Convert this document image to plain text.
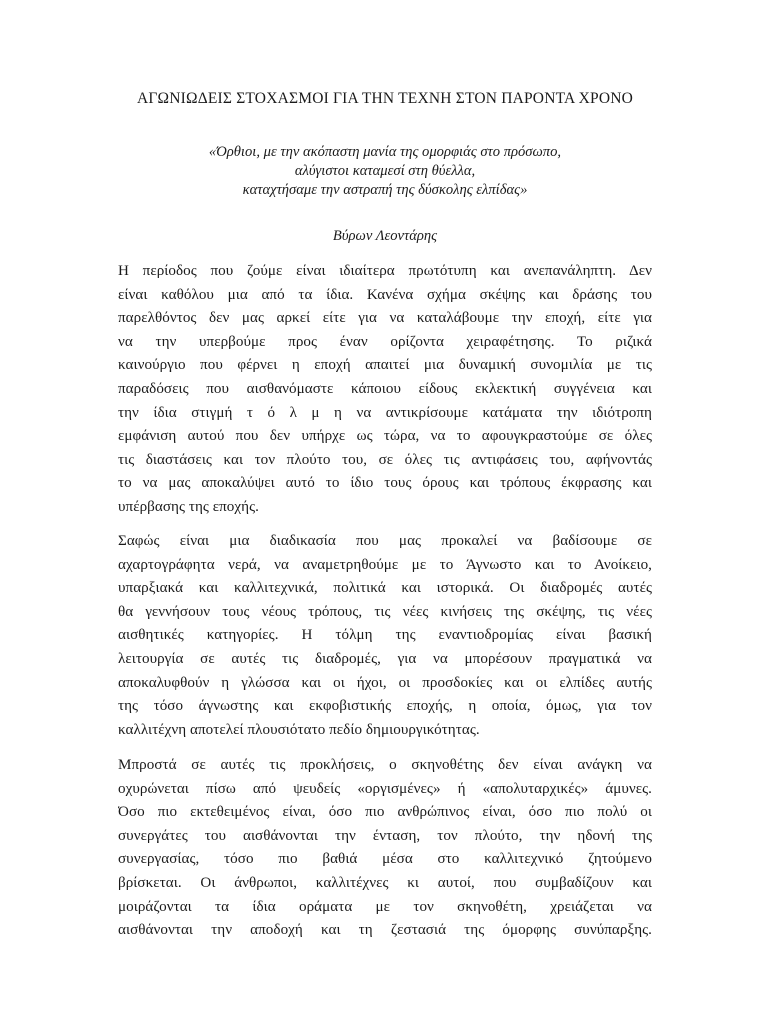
ΑΓΩΝΙΩΔΕΙΣ ΣΤΟΧΑΣΜΟΙ ΓΙΑ ΤΗΝ ΤΕΧΝΗ ΣΤΟΝ ΠΑΡΟΝΤΑ ΧΡΟΝΟ
«Όρθιοι, με την ακόπαστη μανία της ομορφιάς στο πρόσωπο,
αλύγιστοι καταμεσί στη θύελλα,
καταχτήσαμε την αστραπή της δύσκολης ελπίδας»
Βύρων Λεοντάρης
Η περίοδος που ζούμε είναι ιδιαίτερα πρωτότυπη και ανεπανάληπτη. Δεν
είναι καθόλου μια από τα ίδια. Κανένα σχήμα σκέψης και δράσης του
παρελθόντος δεν μας αρκεί είτε για να καταλάβουμε την εποχή, είτε για
να την υπερβούμε προς έναν ορίζοντα χειραφέτησης. Το ριζικά
καινούργιο που φέρνει η εποχή απαιτεί μια δυναμική συνομιλία με τις
παραδόσεις που αισθανόμαστε κάποιου είδους εκλεκτική συγγένεια και
την ίδια στιγμή τ ό λ μ η να αντικρίσουμε κατάματα την ιδιότροπη
εμφάνιση αυτού που δεν υπήρχε ως τώρα, να το αφουγκραστούμε σε όλες
τις διαστάσεις και τον πλούτο του, σε όλες τις αντιφάσεις του, αφήνοντάς
το να μας αποκαλύψει αυτό το ίδιο τους όρους και τρόπους έκφρασης και
υπέρβασης της εποχής.
Σαφώς είναι μια διαδικασία που μας προκαλεί να βαδίσουμε σε
αχαρτογράφητα νερά, να αναμετρηθούμε με το Άγνωστο και το Ανοίκειο,
υπαρξιακά και καλλιτεχνικά, πολιτικά και ιστορικά. Οι διαδρομές αυτές
θα γεννήσουν τους νέους τρόπους, τις νέες κινήσεις της σκέψης, τις νέες
αισθητικές κατηγορίες. Η τόλμη της εναντιοδρομίας είναι βασική
λειτουργία σε αυτές τις διαδρομές, για να μπορέσουν πραγματικά να
αποκαλυφθούν η γλώσσα και οι ήχοι, οι προσδοκίες και οι ελπίδες αυτής
της τόσο άγνωστης και εκφοβιστικής εποχής, η οποία, όμως, για τον
καλλιτέχνη αποτελεί πλουσιότατο πεδίο δημιουργικότητας.
Μπροστά σε αυτές τις προκλήσεις, ο σκηνοθέτης δεν είναι ανάγκη να
οχυρώνεται πίσω από ψευδείς «οργισμένες» ή «απολυταρχικές» άμυνες.
Όσο πιο εκτεθειμένος είναι, όσο πιο ανθρώπινος είναι, όσο πιο πολύ οι
συνεργάτες του αισθάνονται την ένταση, τον πλούτο, την ηδονή της
συνεργασίας, τόσο πιο βαθιά μέσα στο καλλιτεχνικό ζητούμενο
βρίσκεται. Οι άνθρωποι, καλλιτέχνες κι αυτοί, που συμβαδίζουν και
μοιράζονται τα ίδια οράματα με τον σκηνοθέτη, χρειάζεται να
αισθάνονται την αποδοχή και τη ζεστασιά της όμορφης συνύπαρξης.
